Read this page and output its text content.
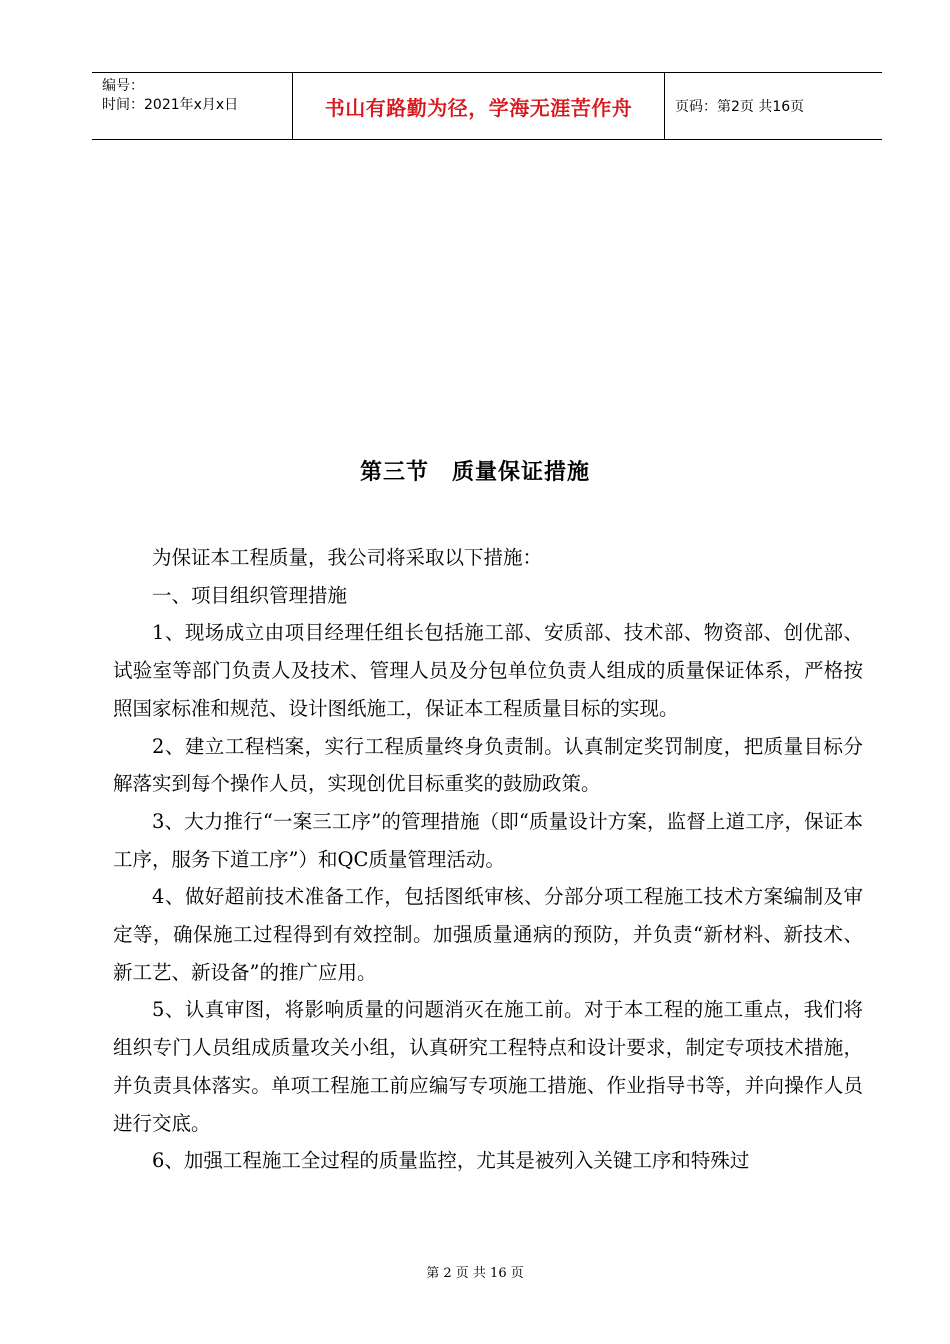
编号：
时间：2021年x月x日	书山有路勤为径，学海无涯苦作舟	页码：第2页 共16页
第三节　质量保证措施

为保证本工程质量，我公司将采取以下措施：

一、项目组织管理措施

1、现场成立由项目经理任组长包括施工部、安质部、技术部、物资部、创优部、试验室等部门负责人及技术、管理人员及分包单位负责人组成的质量保证体系，严格按照国家标准和规范、设计图纸施工，保证本工程质量目标的实现。

2、建立工程档案，实行工程质量终身负责制。认真制定奖罚制度，把质量目标分解落实到每个操作人员，实现创优目标重奖的鼓励政策。

3、大力推行“一案三工序”的管理措施（即“质量设计方案，监督上道工序，保证本工序，服务下道工序”）和QC质量管理活动。

4、做好超前技术准备工作，包括图纸审核、分部分项工程施工技术方案编制及审定等，确保施工过程得到有效控制。加强质量通病的预防，并负责“新材料、新技术、新工艺、新设备”的推广应用。

5、认真审图，将影响质量的问题消灭在施工前。对于本工程的施工重点，我们将组织专门人员组成质量攻关小组，认真研究工程特点和设计要求，制定专项技术措施，并负责具体落实。单项工程施工前应编写专项施工措施、作业指导书等，并向操作人员进行交底。

6、加强工程施工全过程的质量监控，尤其是被列入关键工序和特殊过

第 2 页 共 16 页
